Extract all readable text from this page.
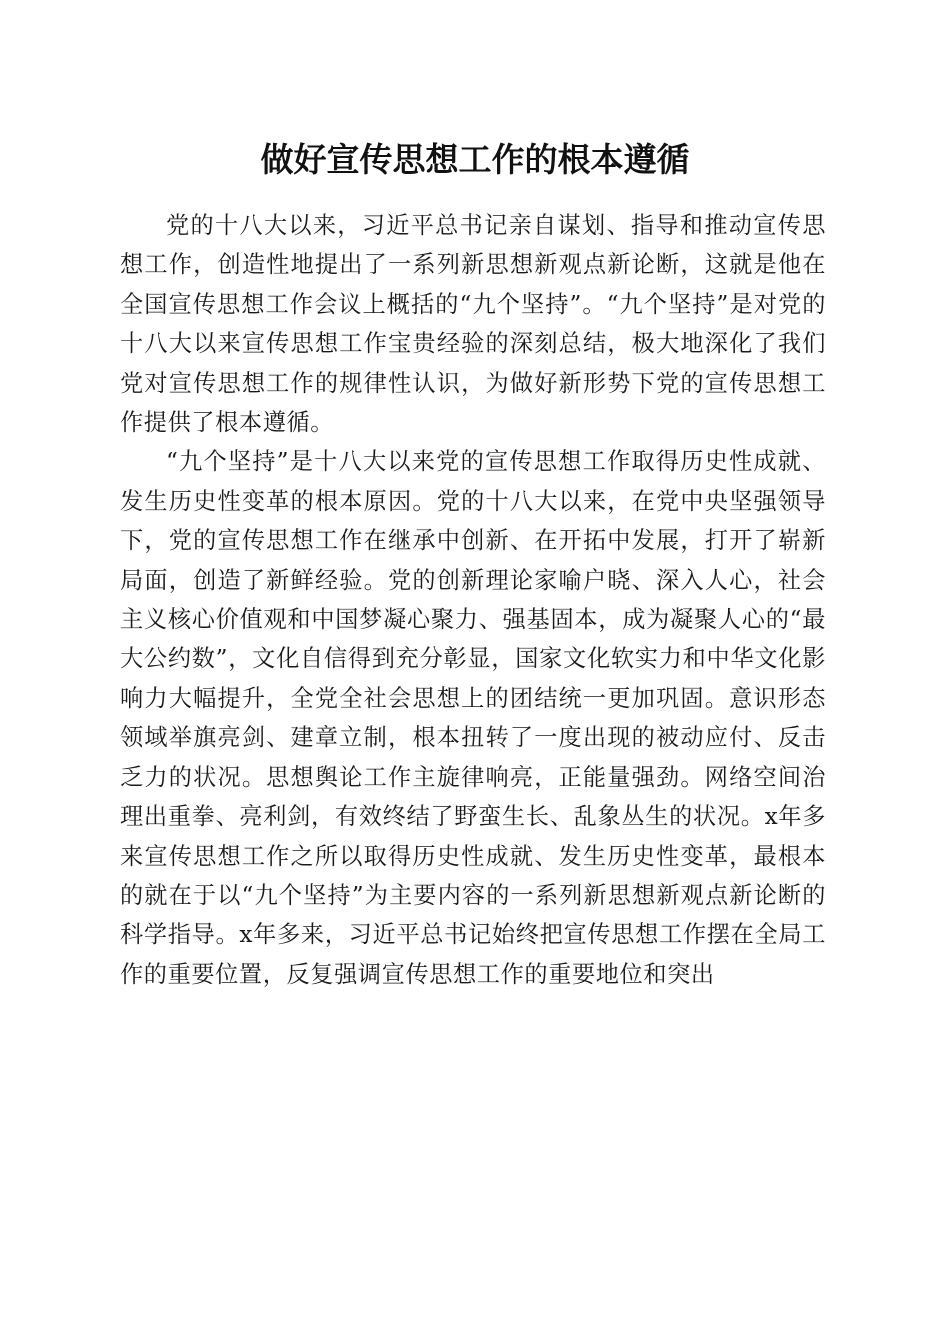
做好宣传思想工作的根本遵循

党的十八大以来，习近平总书记亲自谋划、指导和推动宣传思想工作，创造性地提出了一系列新思想新观点新论断，这就是他在全国宣传思想工作会议上概括的“九个坚持”。“九个坚持”是对党的十八大以来宣传思想工作宝贵经验的深刻总结，极大地深化了我们党对宣传思想工作的规律性认识，为做好新形势下党的宣传思想工作提供了根本遵循。

“九个坚持”是十八大以来党的宣传思想工作取得历史性成就、发生历史性变革的根本原因。党的十八大以来，在党中央坚强领导下，党的宣传思想工作在继承中创新、在开拓中发展，打开了崭新局面，创造了新鲜经验。党的创新理论家喻户晓、深入人心，社会主义核心价值观和中国梦凝心聚力、强基固本，成为凝聚人心的“最大公约数”，文化自信得到充分彰显，国家文化软实力和中华文化影响力大幅提升，全党全社会思想上的团结统一更加巩固。意识形态领域举旗亮剑、建章立制，根本扭转了一度出现的被动应付、反击乏力的状况。思想舆论工作主旋律响亮，正能量强劲。网络空间治理出重拳、亮利剑，有效终结了野蛮生长、乱象丛生的状况。x年多来宣传思想工作之所以取得历史性成就、发生历史性变革，最根本的就在于以“九个坚持”为主要内容的一系列新思想新观点新论断的科学指导。x年多来，习近平总书记始终把宣传思想工作摆在全局工作的重要位置，反复强调宣传思想工作的重要地位和突出
